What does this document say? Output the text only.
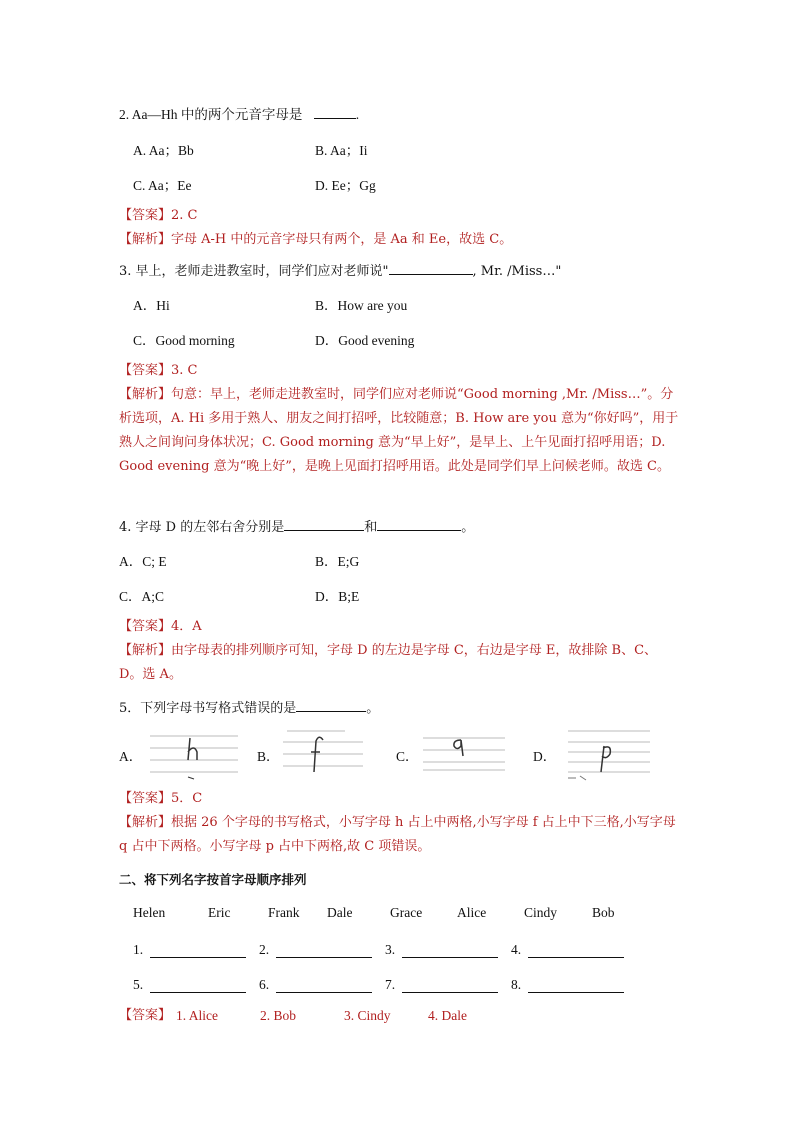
2. Aa—Hh 中的两个元音字母是	.
A. Aa；Bb	B. Aa；Ii
C. Aa；Ee	D. Ee；Gg
【答案】2. C
【解析】字母 A-H 中的元音字母只有两个，是 Aa 和 Ee，故选 C。
3. 早上，老师走进教室时，同学们应对老师说"	, Mr. /Miss…"
A．Hi	B．How are you
C．Good morning	D．Good evening
【答案】3. C
【解析】句意：早上，老师走进教室时，同学们应对老师说“Good morning ,Mr. /Miss…”。分析选项，A. Hi 多用于熟人、朋友之间打招呼，比较随意；B. How are you 意为“你好吗”，用于熟人之间询问身体状况；C. Good morning 意为“早上好”，是早上、上午见面打招呼用语；D. Good evening 意为“晚上好”，是晚上见面打招呼用语。此处是同学们早上问候老师。故选 C。
4. 字母 D 的左邻右舍分别是	和	。
A．C; E	B．E;G
C．A;C	D．B;E
【答案】4．A
【解析】由字母表的排列顺序可知，字母 D 的左边是字母 C，右边是字母 E，故排除 B、C、D。选 A。
5．下列字母书写格式错误的是	。
A．	B．	C．	D．
【答案】5．C
【解析】根据 26 个字母的书写格式，小写字母 h 占上中两格,小写字母 f 占上中下三格,小写字母 q 占中下两格。小写字母 p 占中下两格,故 C 项错误。
二、将下列名字按首字母顺序排列
Helen	Eric	Frank Dale	Grace	Alice	Cindy	Bob
1.	2.	3.	4.
5.	6.	7.	8.
【答案】 1. Alice	2. Bob	3. Cindy	4. Dale
